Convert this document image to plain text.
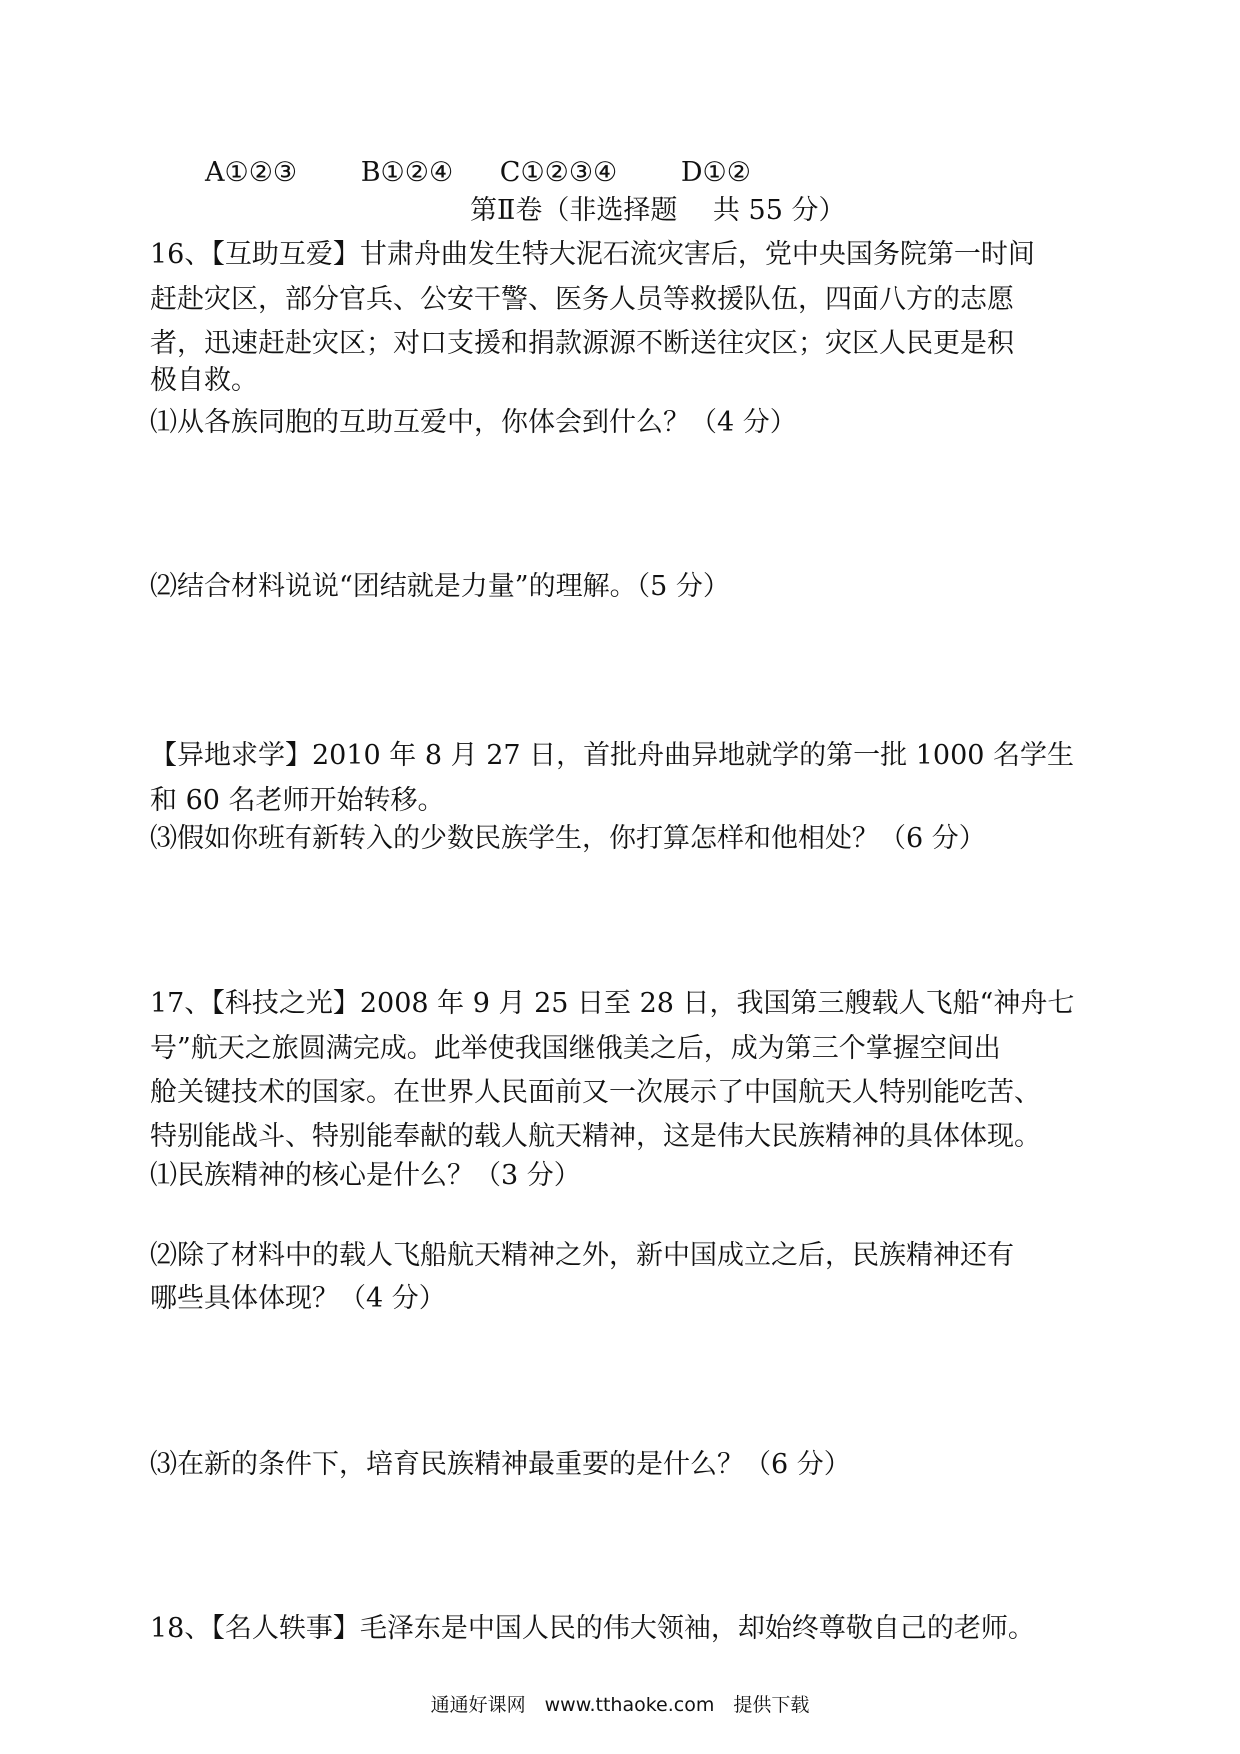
A①②③ B①②④ C①②③④ D①②
第Ⅱ卷（非选择题　 共 55 分）
16、【互助互爱】甘肃舟曲发生特大泥石流灾害后，党中央国务院第一时间
赶赴灾区，部分官兵、公安干警、医务人员等救援队伍，四面八方的志愿
者，迅速赶赴灾区；对口支援和捐款源源不断送往灾区；灾区人民更是积
极自救。
⑴从各族同胞的互助互爱中，你体会到什么？（4 分）
⑵结合材料说说“团结就是力量”的理解。（5 分）
【异地求学】2010 年 8 月 27 日，首批舟曲异地就学的第一批 1000 名学生
和 60 名老师开始转移。
⑶假如你班有新转入的少数民族学生，你打算怎样和他相处？（6 分）
17、【科技之光】2008 年 9 月 25 日至 28 日，我国第三艘载人飞船“神舟七
号”航天之旅圆满完成。此举使我国继俄美之后，成为第三个掌握空间出
舱关键技术的国家。在世界人民面前又一次展示了中国航天人特别能吃苦、
特别能战斗、特别能奉献的载人航天精神，这是伟大民族精神的具体体现。
⑴民族精神的核心是什么？（3 分）
⑵除了材料中的载人飞船航天精神之外，新中国成立之后，民族精神还有
哪些具体体现？（4 分）
⑶在新的条件下，培育民族精神最重要的是什么？（6 分）
18、【名人轶事】毛泽东是中国人民的伟大领袖，却始终尊敬自己的老师。
通通好课网　www.tthaoke.com　提供下载
